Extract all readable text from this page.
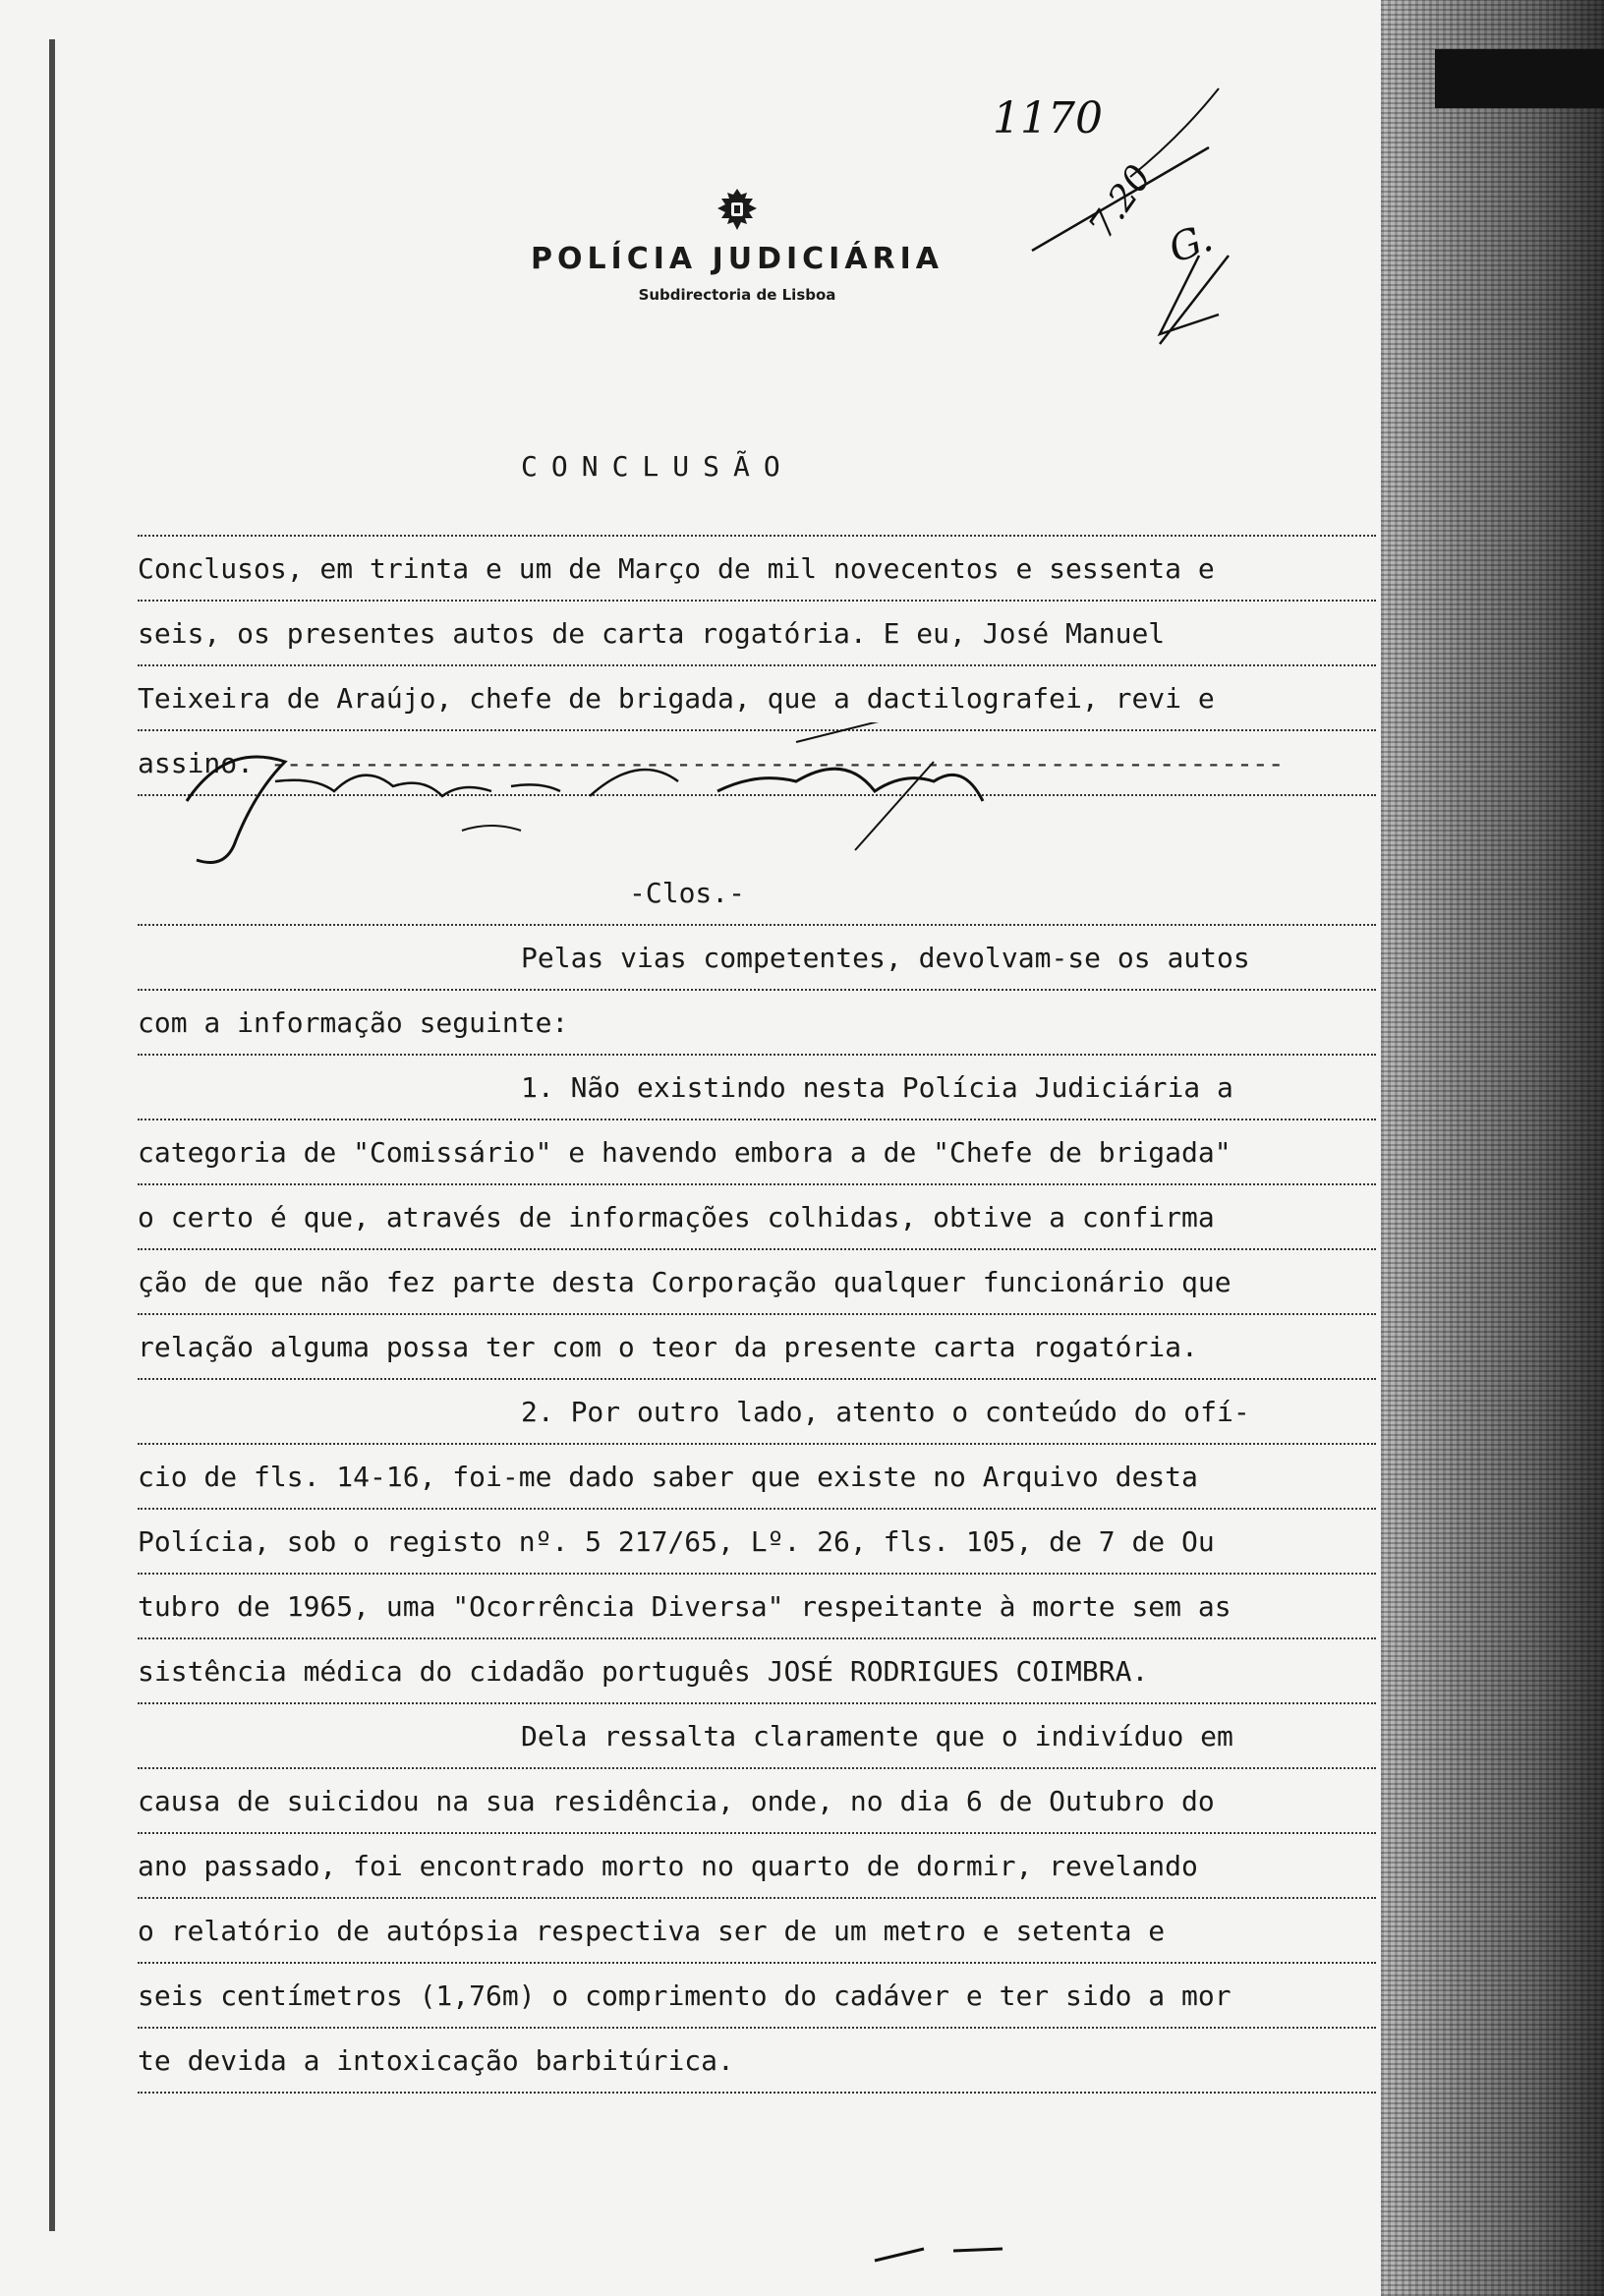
1170
7.20 G.
POLÍCIA JUDICIÁRIA
Subdirectoria de Lisboa
CONCLUSÃO
Conclusos, em trinta e um de Março de mil novecentos e sessenta e
seis, os presentes autos de carta rogatória. E eu, José Manuel
Teixeira de Araújo, chefe de brigada, que a dactilografei, revi e
assino. -----------------------------------------------------------------
-Clos.-
Pelas vias competentes, devolvam-se os autos
com a informação seguinte:
1. Não existindo nesta Polícia Judiciária a
categoria de "Comissário" e havendo embora a de "Chefe de brigada"
o certo é que, através de informações colhidas, obtive a confirma
ção de que não fez parte desta Corporação qualquer funcionário que
relação alguma possa ter com o teor da presente carta rogatória.
2. Por outro lado, atento o conteúdo do ofí-
cio de fls. 14-16, foi-me dado saber que existe no Arquivo desta
Polícia, sob o registo nº. 5 217/65, Lº. 26, fls. 105, de 7 de Ou
tubro de 1965, uma "Ocorrência Diversa" respeitante à morte sem as
sistência médica do cidadão português JOSÉ RODRIGUES COIMBRA.
Dela ressalta claramente que o indivíduo em
causa de suicidou na sua residência, onde, no dia 6 de Outubro do
ano passado, foi encontrado morto no quarto de dormir, revelando
o relatório de autópsia respectiva ser de um metro e setenta e
seis centímetros (1,76m) o comprimento do cadáver e ter sido a mor
te devida a intoxicação barbitúrica.
